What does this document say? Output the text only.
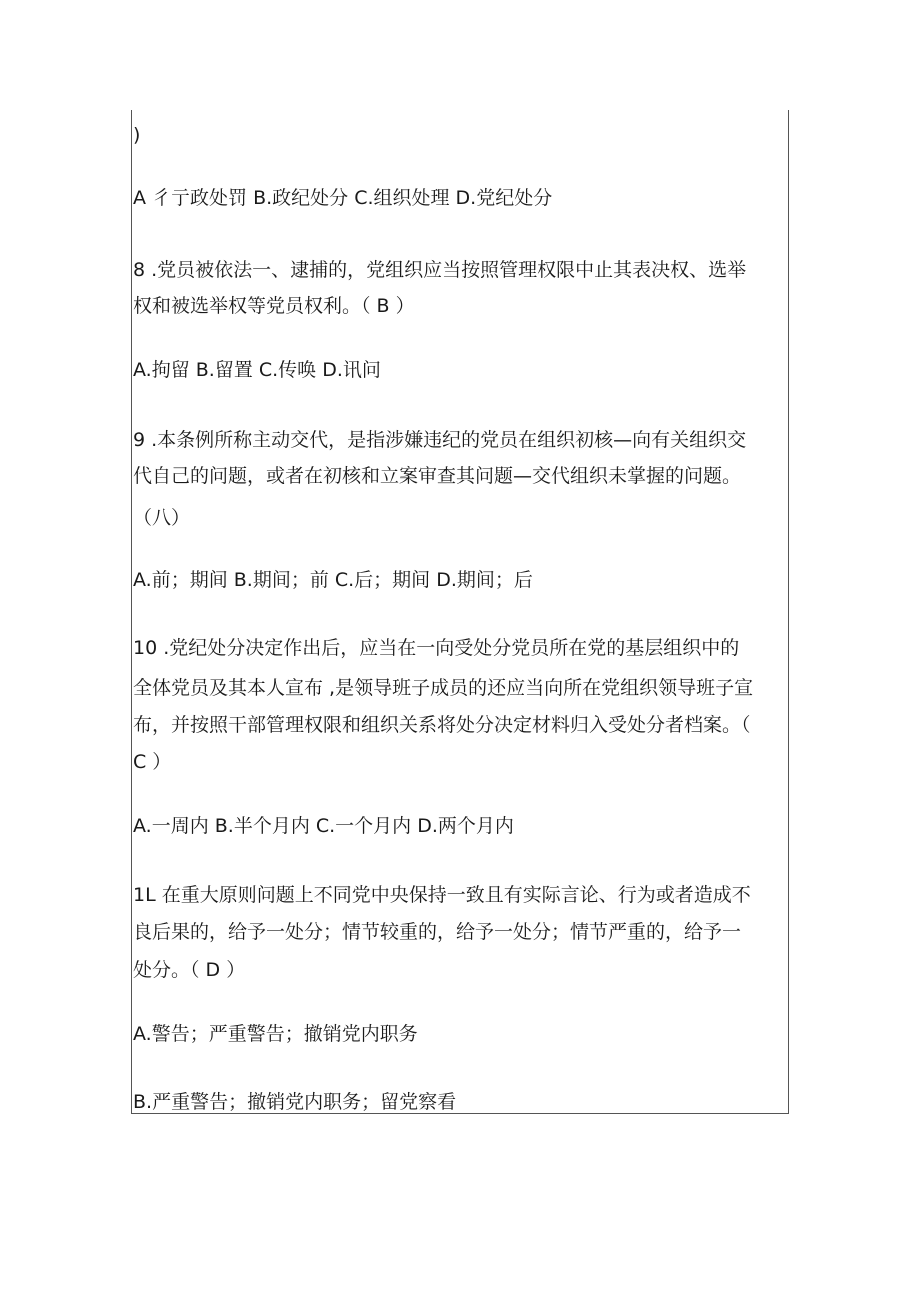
)
A 彳亍政处罚 B.政纪处分 C.组织处理 D.党纪处分
8 .党员被依法一、逮捕的，党组织应当按照管理权限中止其表决权、选举
权和被选举权等党员权利。（ B ）
A.拘留 B.留置 C.传唤 D.讯问
9 .本条例所称主动交代，是指涉嫌违纪的党员在组织初核—向有关组织交
代自己的问题，或者在初核和立案审查其问题—交代组织未掌握的问题。
（八）
A.前；期间 B.期间；前 C.后；期间 D.期间；后
10 .党纪处分决定作出后，应当在一向受处分党员所在党的基层组织中的
全体党员及其本人宣布 ,是领导班子成员的还应当向所在党组织领导班子宣
布，并按照干部管理权限和组织关系将处分决定材料归入受处分者档案。（
C ）
A.一周内 B.半个月内 C.一个月内 D.两个月内
1L 在重大原则问题上不同党中央保持一致且有实际言论、行为或者造成不
良后果的，给予一处分；情节较重的，给予一处分；情节严重的，给予一
处分。（ D ）
A.警告；严重警告；撤销党内职务
B.严重警告；撤销党内职务；留党察看
